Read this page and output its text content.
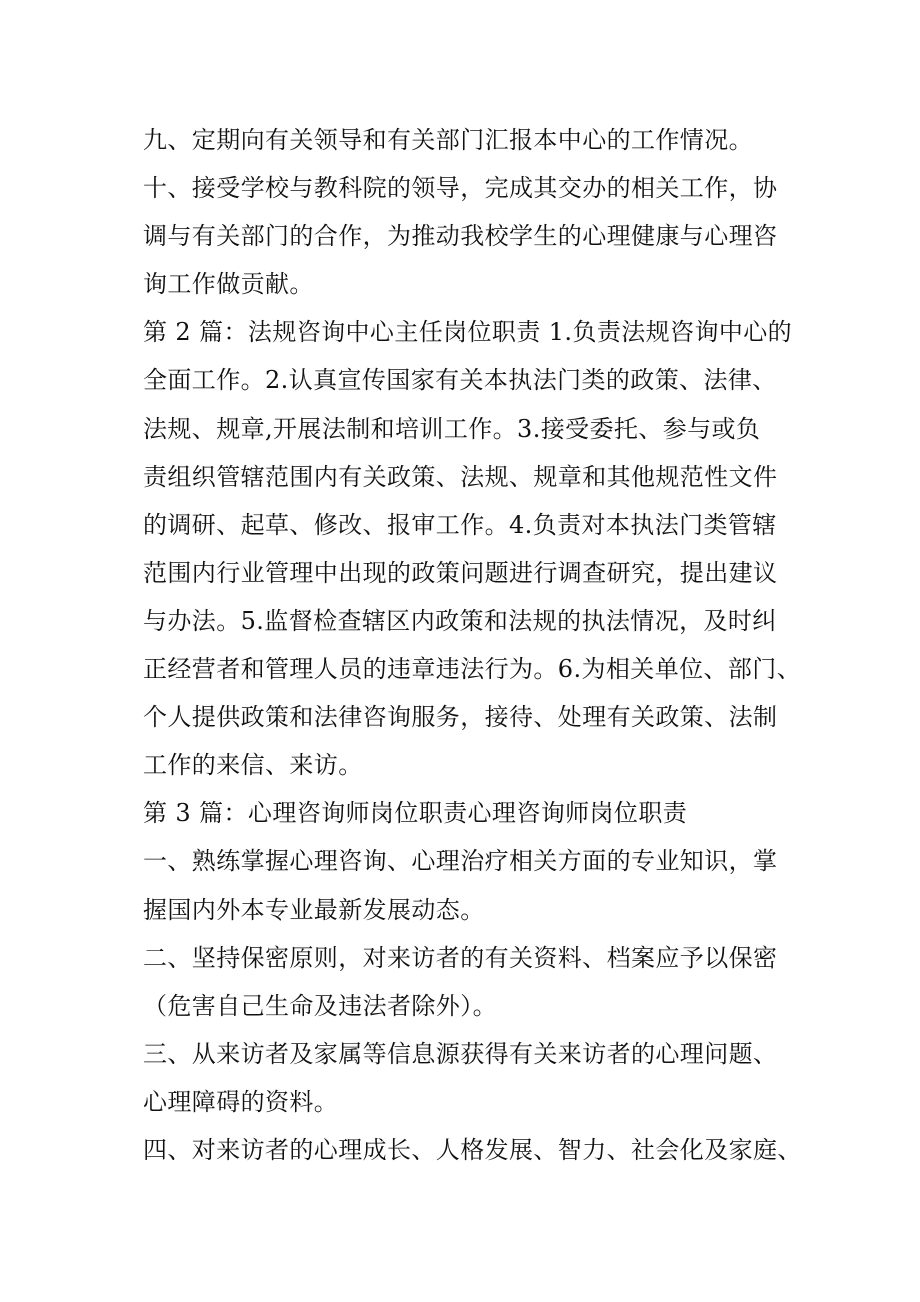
九、定期向有关领导和有关部门汇报本中心的工作情况。
十、接受学校与教科院的领导，完成其交办的相关工作，协
调与有关部门的合作，为推动我校学生的心理健康与心理咨
询工作做贡献。
第 2 篇：法规咨询中心主任岗位职责 1.负责法规咨询中心的
全面工作。2.认真宣传国家有关本执法门类的政策、法律、
法规、规章,开展法制和培训工作。3.接受委托、参与或负
责组织管辖范围内有关政策、法规、规章和其他规范性文件
的调研、起草、修改、报审工作。4.负责对本执法门类管辖
范围内行业管理中出现的政策问题进行调查研究，提出建议
与办法。5.监督检查辖区内政策和法规的执法情况，及时纠
正经营者和管理人员的违章违法行为。6.为相关单位、部门、
个人提供政策和法律咨询服务，接待、处理有关政策、法制
工作的来信、来访。
第 3 篇：心理咨询师岗位职责心理咨询师岗位职责
一、熟练掌握心理咨询、心理治疗相关方面的专业知识，掌
握国内外本专业最新发展动态。
二、坚持保密原则，对来访者的有关资料、档案应予以保密
（危害自己生命及违法者除外）。
三、从来访者及家属等信息源获得有关来访者的心理问题、
心理障碍的资料。
四、对来访者的心理成长、人格发展、智力、社会化及家庭、
